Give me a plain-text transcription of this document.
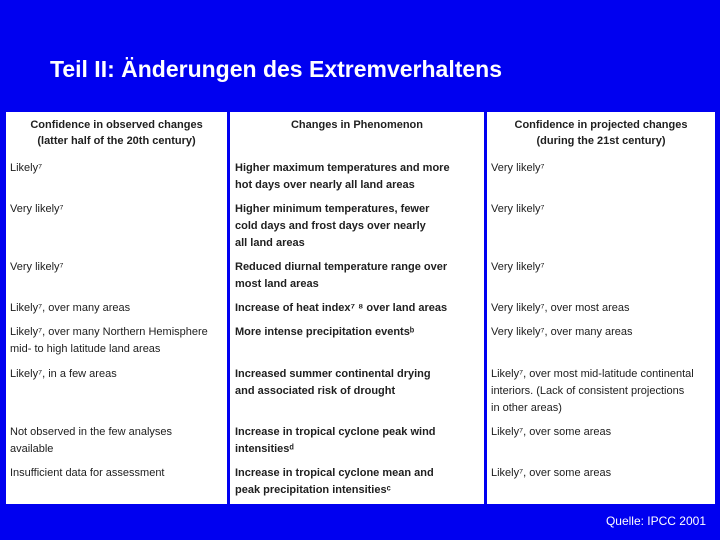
Teil II: Änderungen des Extremverhaltens
Confidence in observed changes
(latter half of the 20th century)
Likely⁷
Very likely⁷
Very likely⁷
Likely⁷, over many areas
Likely⁷, over many Northern Hemisphere
mid- to high latitude land areas
Likely⁷, in a few areas
Not observed in the few analyses
available
Insufficient data for assessment
Changes in Phenomenon
Higher maximum temperatures and more
hot days over nearly all land areas
Higher minimum temperatures, fewer
cold days and frost days over nearly
all land areas
Reduced diurnal temperature range over
most land areas
Increase of heat index⁷ ⁸ over land areas
More intense precipitation eventsᵇ
Increased summer continental drying
and associated risk of drought
Increase in tropical cyclone peak wind
intensitiesᵈ
Increase in tropical cyclone mean and
peak precipitation intensitiesᶜ
Confidence in projected changes
(during the 21st century)
Very likely⁷
Very likely⁷
Very likely⁷
Very likely⁷, over most areas
Very likely⁷, over many areas
Likely⁷, over most mid-latitude continental
interiors. (Lack of consistent projections
in other areas)
Likely⁷, over some areas
Likely⁷, over some areas
Quelle: IPCC 2001
